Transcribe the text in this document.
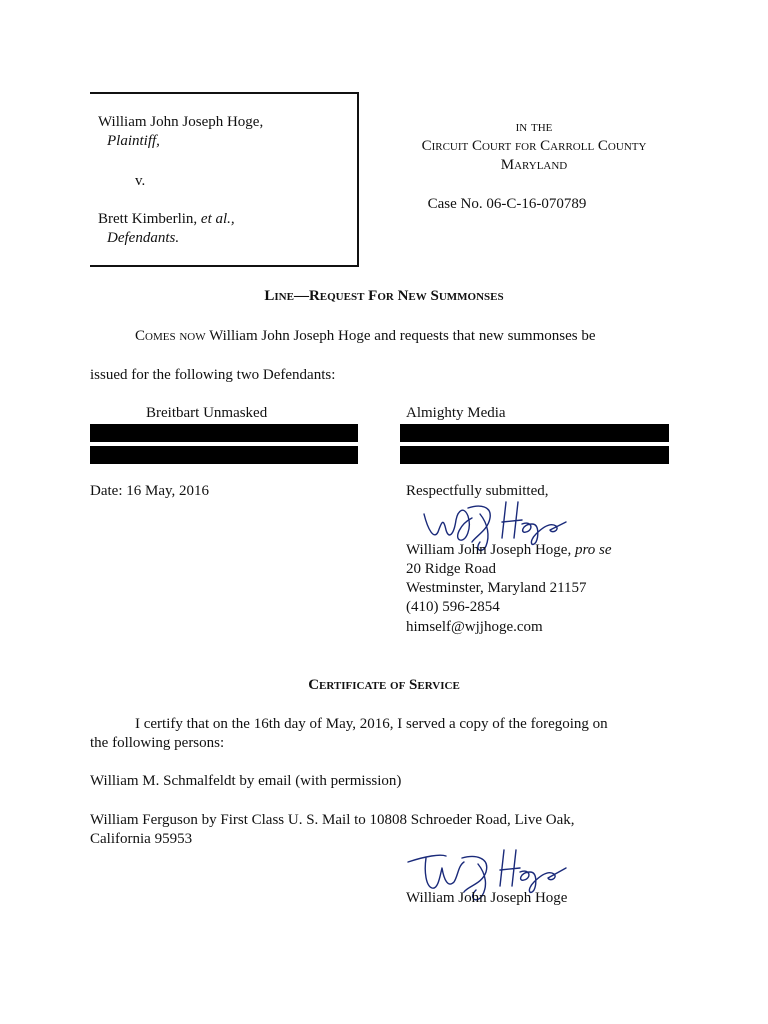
William John Joseph Hoge,
Plaintiff,
v.
Brett Kimberlin, et al.,
Defendants.
in the
Circuit Court for Carroll County
Maryland
Case No. 06-C-16-070789
Line—Request For New Summonses
Comes now William John Joseph Hoge and requests that new summonses be
issued for the following two Defendants:
Breitbart Unmasked	Almighty Media
Date: 16 May, 2016	Respectfully submitted,
William John Joseph Hoge, pro se
20 Ridge Road
Westminster, Maryland 21157
(410) 596-2854
himself@wjjhoge.com
Certificate of Service
I certify that on the 16th day of May, 2016, I served a copy of the foregoing on
the following persons:
William M. Schmalfeldt by email (with permission)
William Ferguson by First Class U. S. Mail to 10808 Schroeder Road, Live Oak,
California 95953
William John Joseph Hoge
